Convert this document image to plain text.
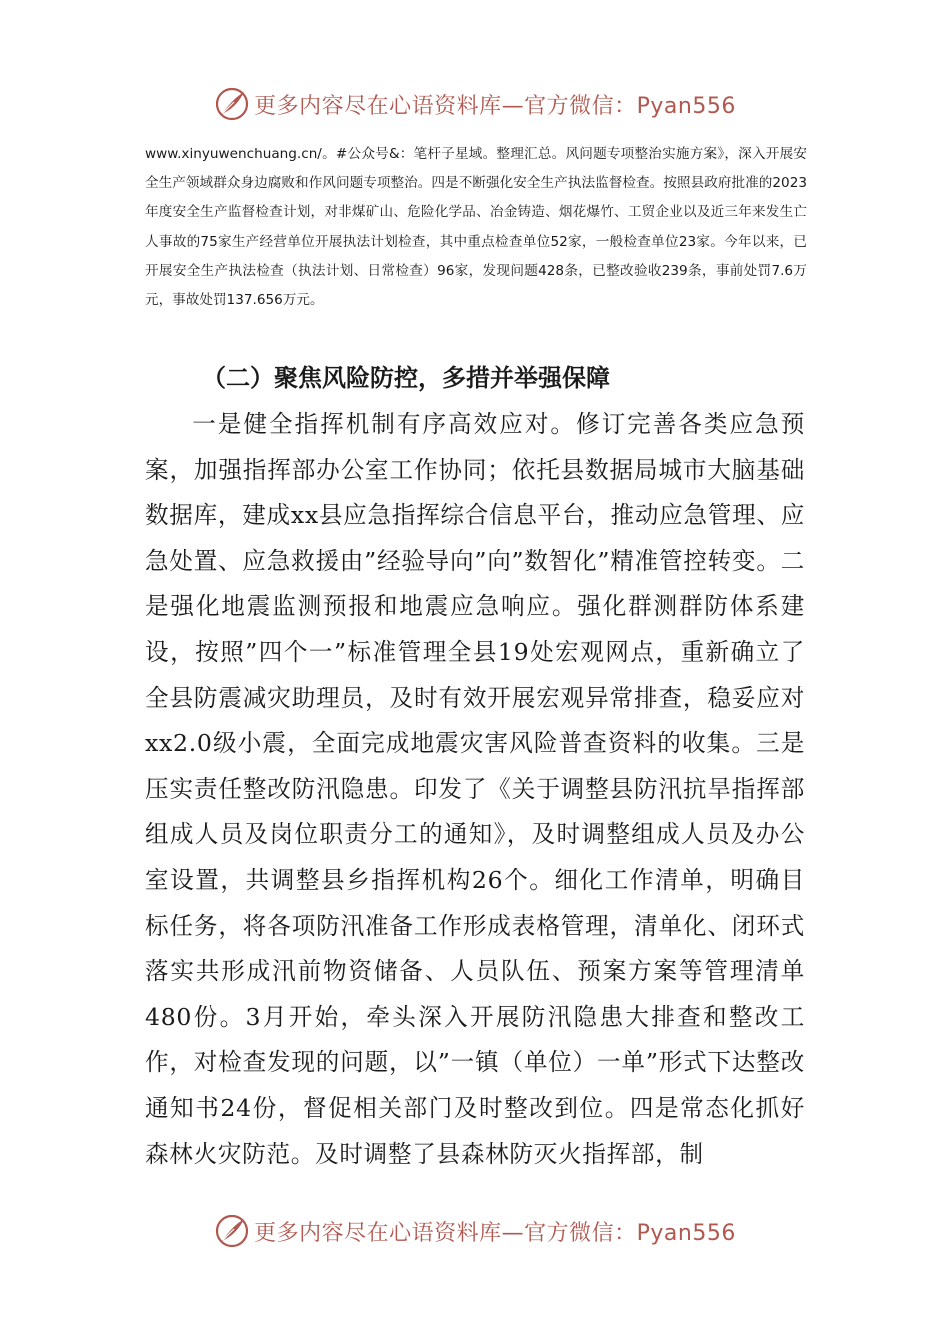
更多内容尽在心语资料库—官方微信：Pyan556

www.xinyuwenchuang.cn/。#公众号&：笔杆子星域。整理汇总。风问题专项整治实施方案》，深入开展安全生产领域群众身边腐败和作风问题专项整治。四是不断强化安全生产执法监督检查。按照县政府批准的2023年度安全生产监督检查计划，对非煤矿山、危险化学品、冶金铸造、烟花爆竹、工贸企业以及近三年来发生亡人事故的75家生产经营单位开展执法计划检查，其中重点检查单位52家，一般检查单位23家。今年以来，已开展安全生产执法检查（执法计划、日常检查）96家，发现问题428条，已整改验收239条，事前处罚7.6万元，事故处罚137.656万元。

（二）聚焦风险防控，多措并举强保障

一是健全指挥机制有序高效应对。修订完善各类应急预案，加强指挥部办公室工作协同；依托县数据局城市大脑基础数据库，建成xx县应急指挥综合信息平台，推动应急管理、应急处置、应急救援由”经验导向”向”数智化”精准管控转变。二是强化地震监测预报和地震应急响应。强化群测群防体系建设，按照”四个一”标准管理全县19处宏观网点，重新确立了全县防震减灾助理员，及时有效开展宏观异常排查，稳妥应对xx2.0级小震，全面完成地震灾害风险普查资料的收集。三是压实责任整改防汛隐患。印发了《关于调整县防汛抗旱指挥部组成人员及岗位职责分工的通知》，及时调整组成人员及办公室设置，共调整县乡指挥机构26个。细化工作清单，明确目标任务，将各项防汛准备工作形成表格管理，清单化、闭环式落实共形成汛前物资储备、人员队伍、预案方案等管理清单480份。3月开始，牵头深入开展防汛隐患大排查和整改工作，对检查发现的问题，以”一镇（单位）一单”形式下达整改通知书24份，督促相关部门及时整改到位。四是常态化抓好森林火灾防范。及时调整了县森林防灭火指挥部，制

更多内容尽在心语资料库—官方微信：Pyan556
